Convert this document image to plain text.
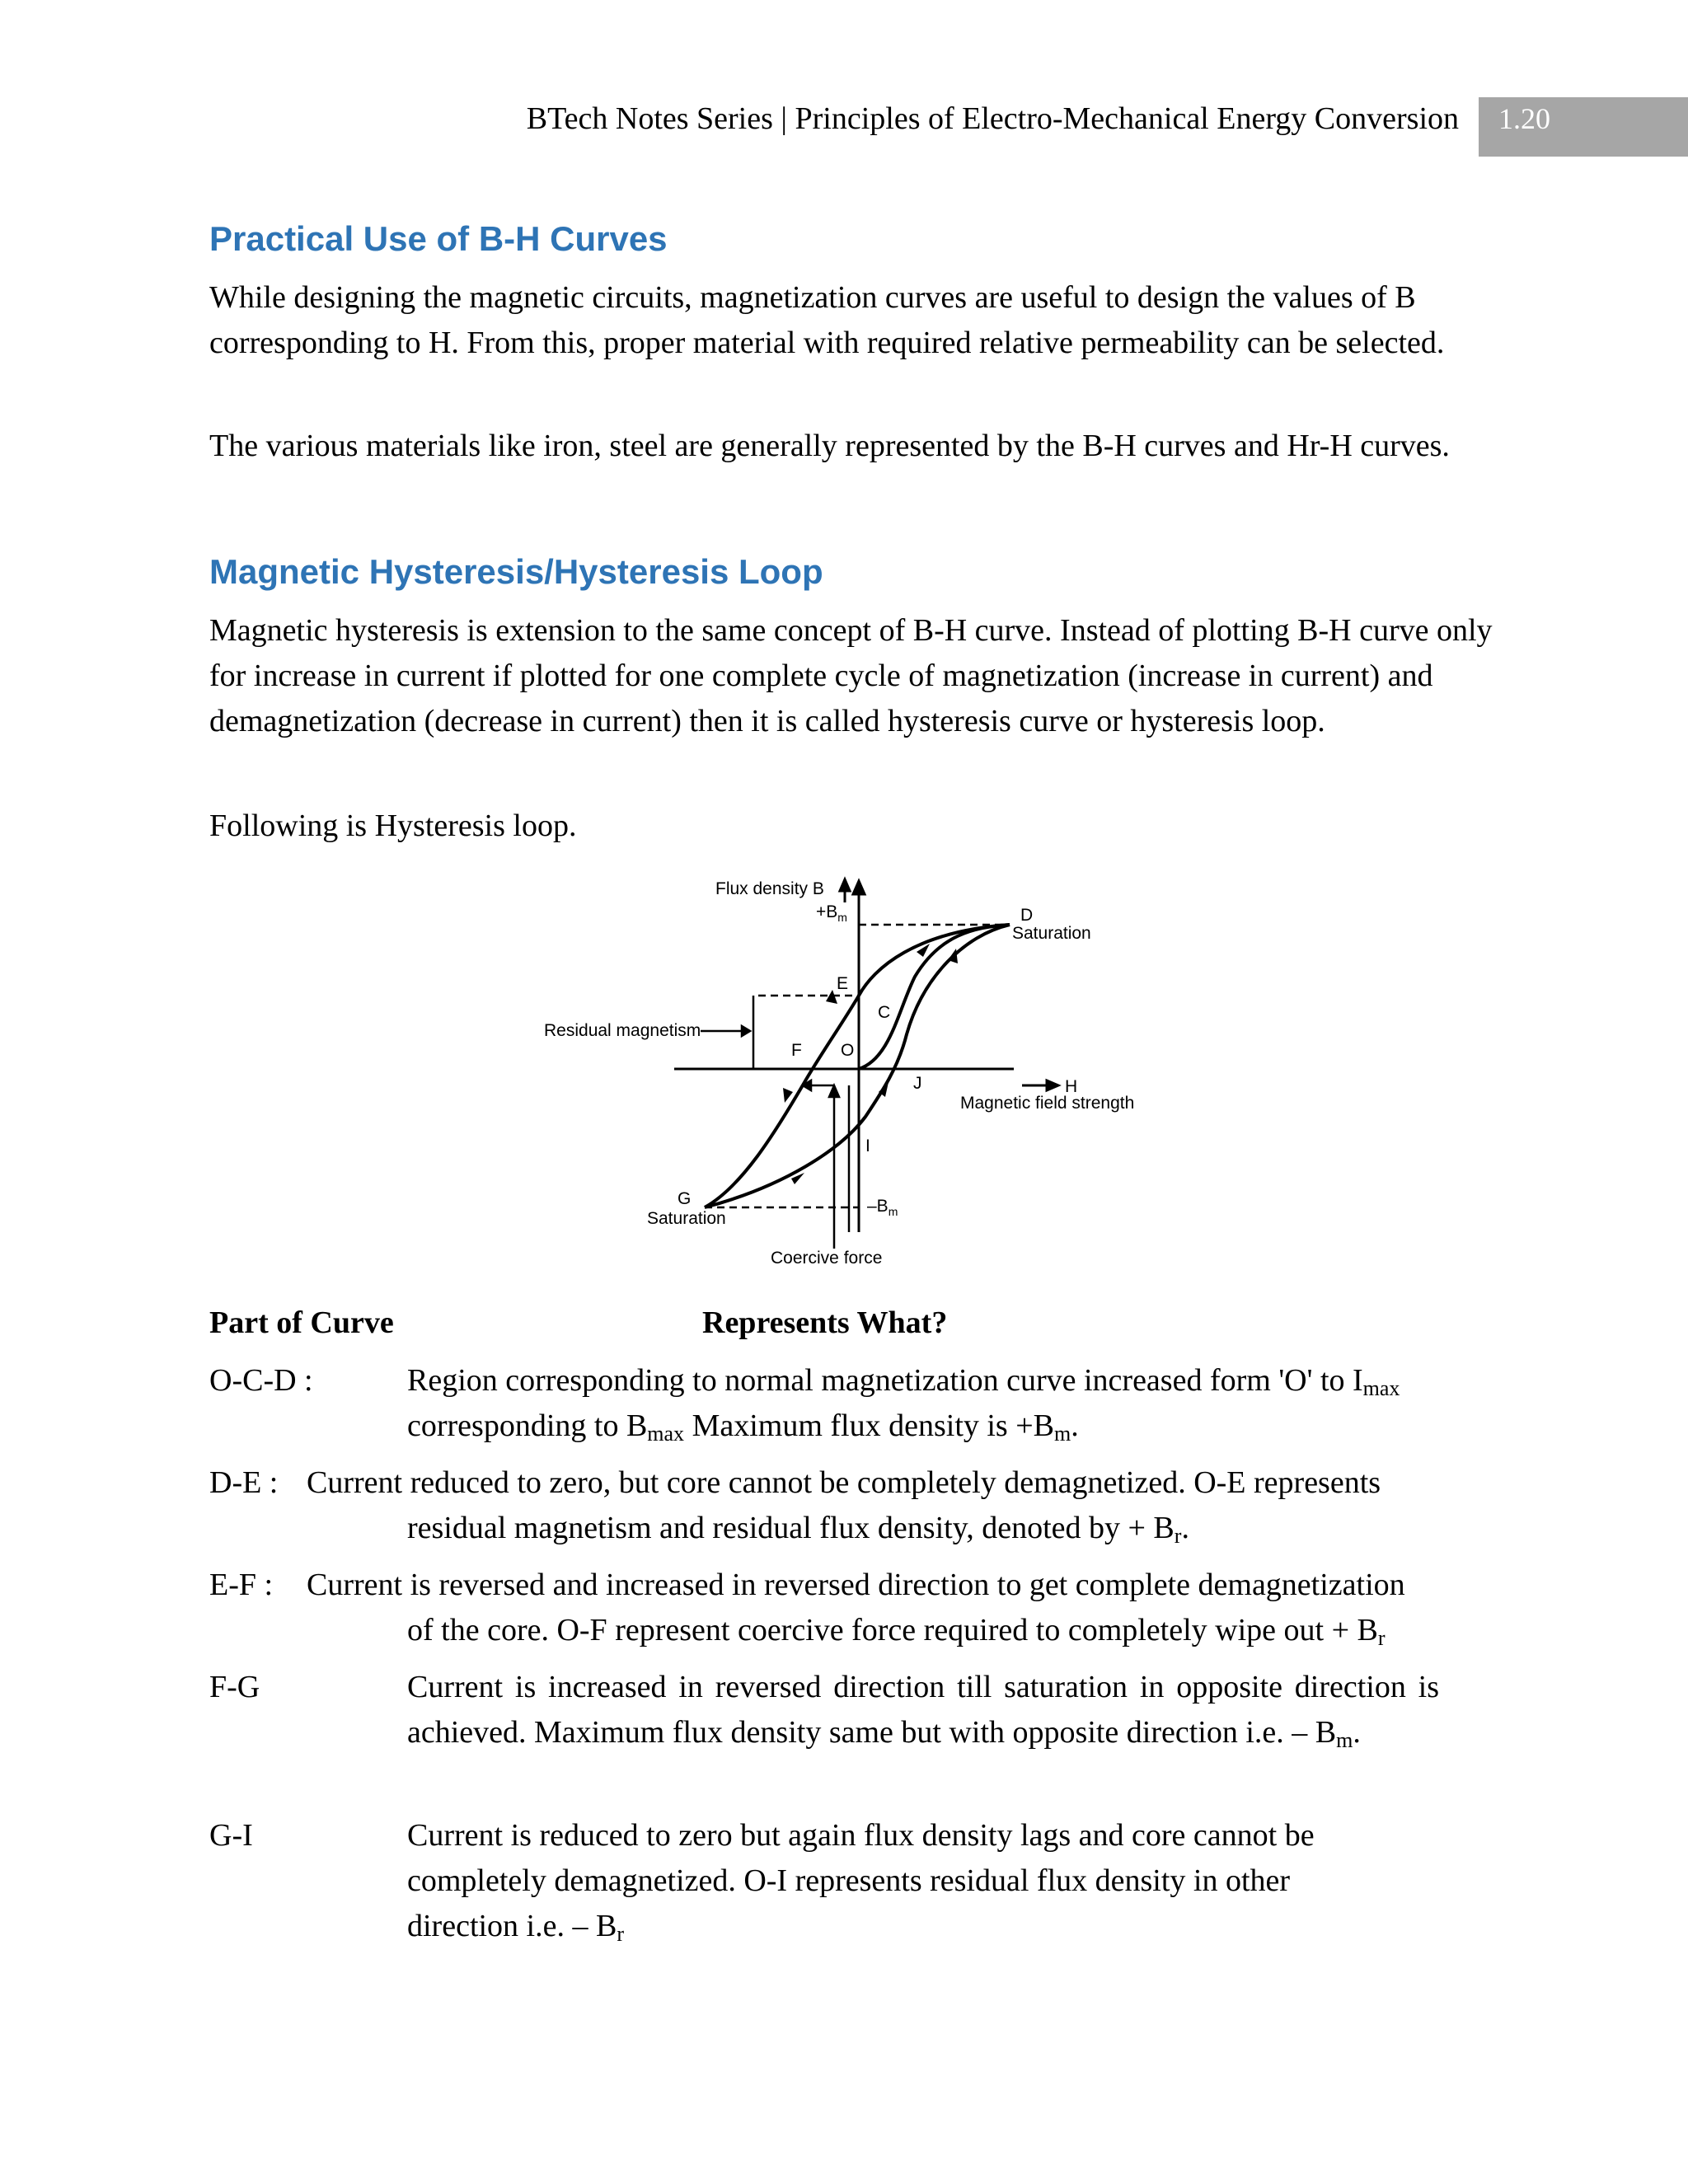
BTech Notes Series | Principles of Electro-Mechanical Energy Conversion	1.20
Practical Use of B-H Curves

While designing the magnetic circuits, magnetization curves are useful to design the values of B corresponding to H. From this, proper material with required relative permeability can be selected.

The various materials like iron, steel are generally represented by the B-H curves and Hr-H curves.

Magnetic Hysteresis/Hysteresis Loop

Magnetic hysteresis is extension to the same concept of B-H curve. Instead of plotting B-H curve only for increase in current if plotted for one complete cycle of magnetization (increase in current) and demagnetization (decrease in current) then it is called hysteresis curve or hysteresis loop.

Following is Hysteresis loop.

Flux density B
$+B_m$	D
Saturation
E
C
F O
J
I
G
Saturation
$-B_m$
H
Residual magnetism
Magnetic field strength
Coercive force
Part of Curve	Represents What?
O-C-D :	Region corresponding to normal magnetization curve increased form 'O' to $I_{max}$
corresponding to $B_{max}$ Maximum flux density is $+B_m$.
D-E : Current reduced to zero, but core cannot be completely demagnetized. O-E represents
residual magnetism and residual flux density, denoted by + $B_r$.
E-F : Current is reversed and increased in reversed direction to get complete demagnetization
of the core. O-F represent coercive force required to completely wipe out + $B_r$
F-G	Current is increased in reversed direction till saturation in opposite direction is achieved. Maximum flux density same but with opposite direction i.e. – $B_m$.
G-I	Current is reduced to zero but again flux density lags and core cannot be completely demagnetized. O-I represents residual flux density in other direction i.e. – $B_r$
